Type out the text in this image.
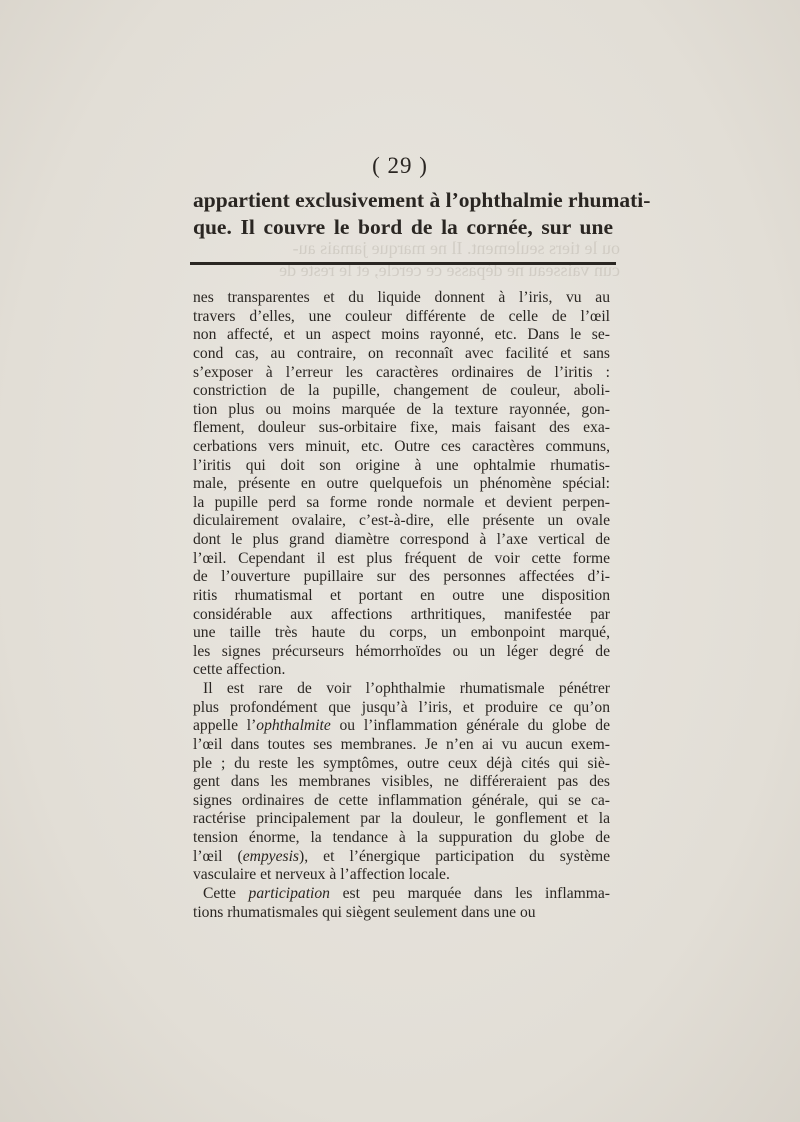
( 29 )
appartient exclusivement à l’ophthalmie rhumati-
que. Il couvre le bord de la cornée, sur une
ou le tiers seulement. Il ne marque jamais au-
cun vaisseau ne dépasse ce cercle, et le reste de
nes transparentes et du liquide donnent à l’iris, vu au
travers d’elles, une couleur différente de celle de l’œil
non affecté, et un aspect moins rayonné, etc. Dans le se-
cond cas, au contraire, on reconnaît avec facilité et sans
s’exposer à l’erreur les caractères ordinaires de l’iritis :
constriction de la pupille, changement de couleur, aboli-
tion plus ou moins marquée de la texture rayonnée, gon-
flement, douleur sus-orbitaire fixe, mais faisant des exa-
cerbations vers minuit, etc. Outre ces caractères communs,
l’iritis qui doit son origine à une ophtalmie rhumatis-
male, présente en outre quelquefois un phénomène spécial:
la pupille perd sa forme ronde normale et devient perpen-
diculairement ovalaire, c’est-à-dire, elle présente un ovale
dont le plus grand diamètre correspond à l’axe vertical de
l’œil. Cependant il est plus fréquent de voir cette forme
de l’ouverture pupillaire sur des personnes affectées d’i-
ritis rhumatismal et portant en outre une disposition
considérable aux affections arthritiques, manifestée par
une taille très haute du corps, un embonpoint marqué,
les signes précurseurs hémorrhoïdes ou un léger degré de
cette affection.
Il est rare de voir l’ophthalmie rhumatismale pénétrer
plus profondément que jusqu’à l’iris, et produire ce qu’on
appelle l’ophthalmite ou l’inflammation générale du globe de
l’œil dans toutes ses membranes. Je n’en ai vu aucun exem-
ple ; du reste les symptômes, outre ceux déjà cités qui siè-
gent dans les membranes visibles, ne différeraient pas des
signes ordinaires de cette inflammation générale, qui se ca-
ractérise principalement par la douleur, le gonflement et la
tension énorme, la tendance à la suppuration du globe de
l’œil (empyesis), et l’énergique participation du système
vasculaire et nerveux à l’affection locale.
Cette participation est peu marquée dans les inflamma-
tions rhumatismales qui siègent seulement dans une ou
